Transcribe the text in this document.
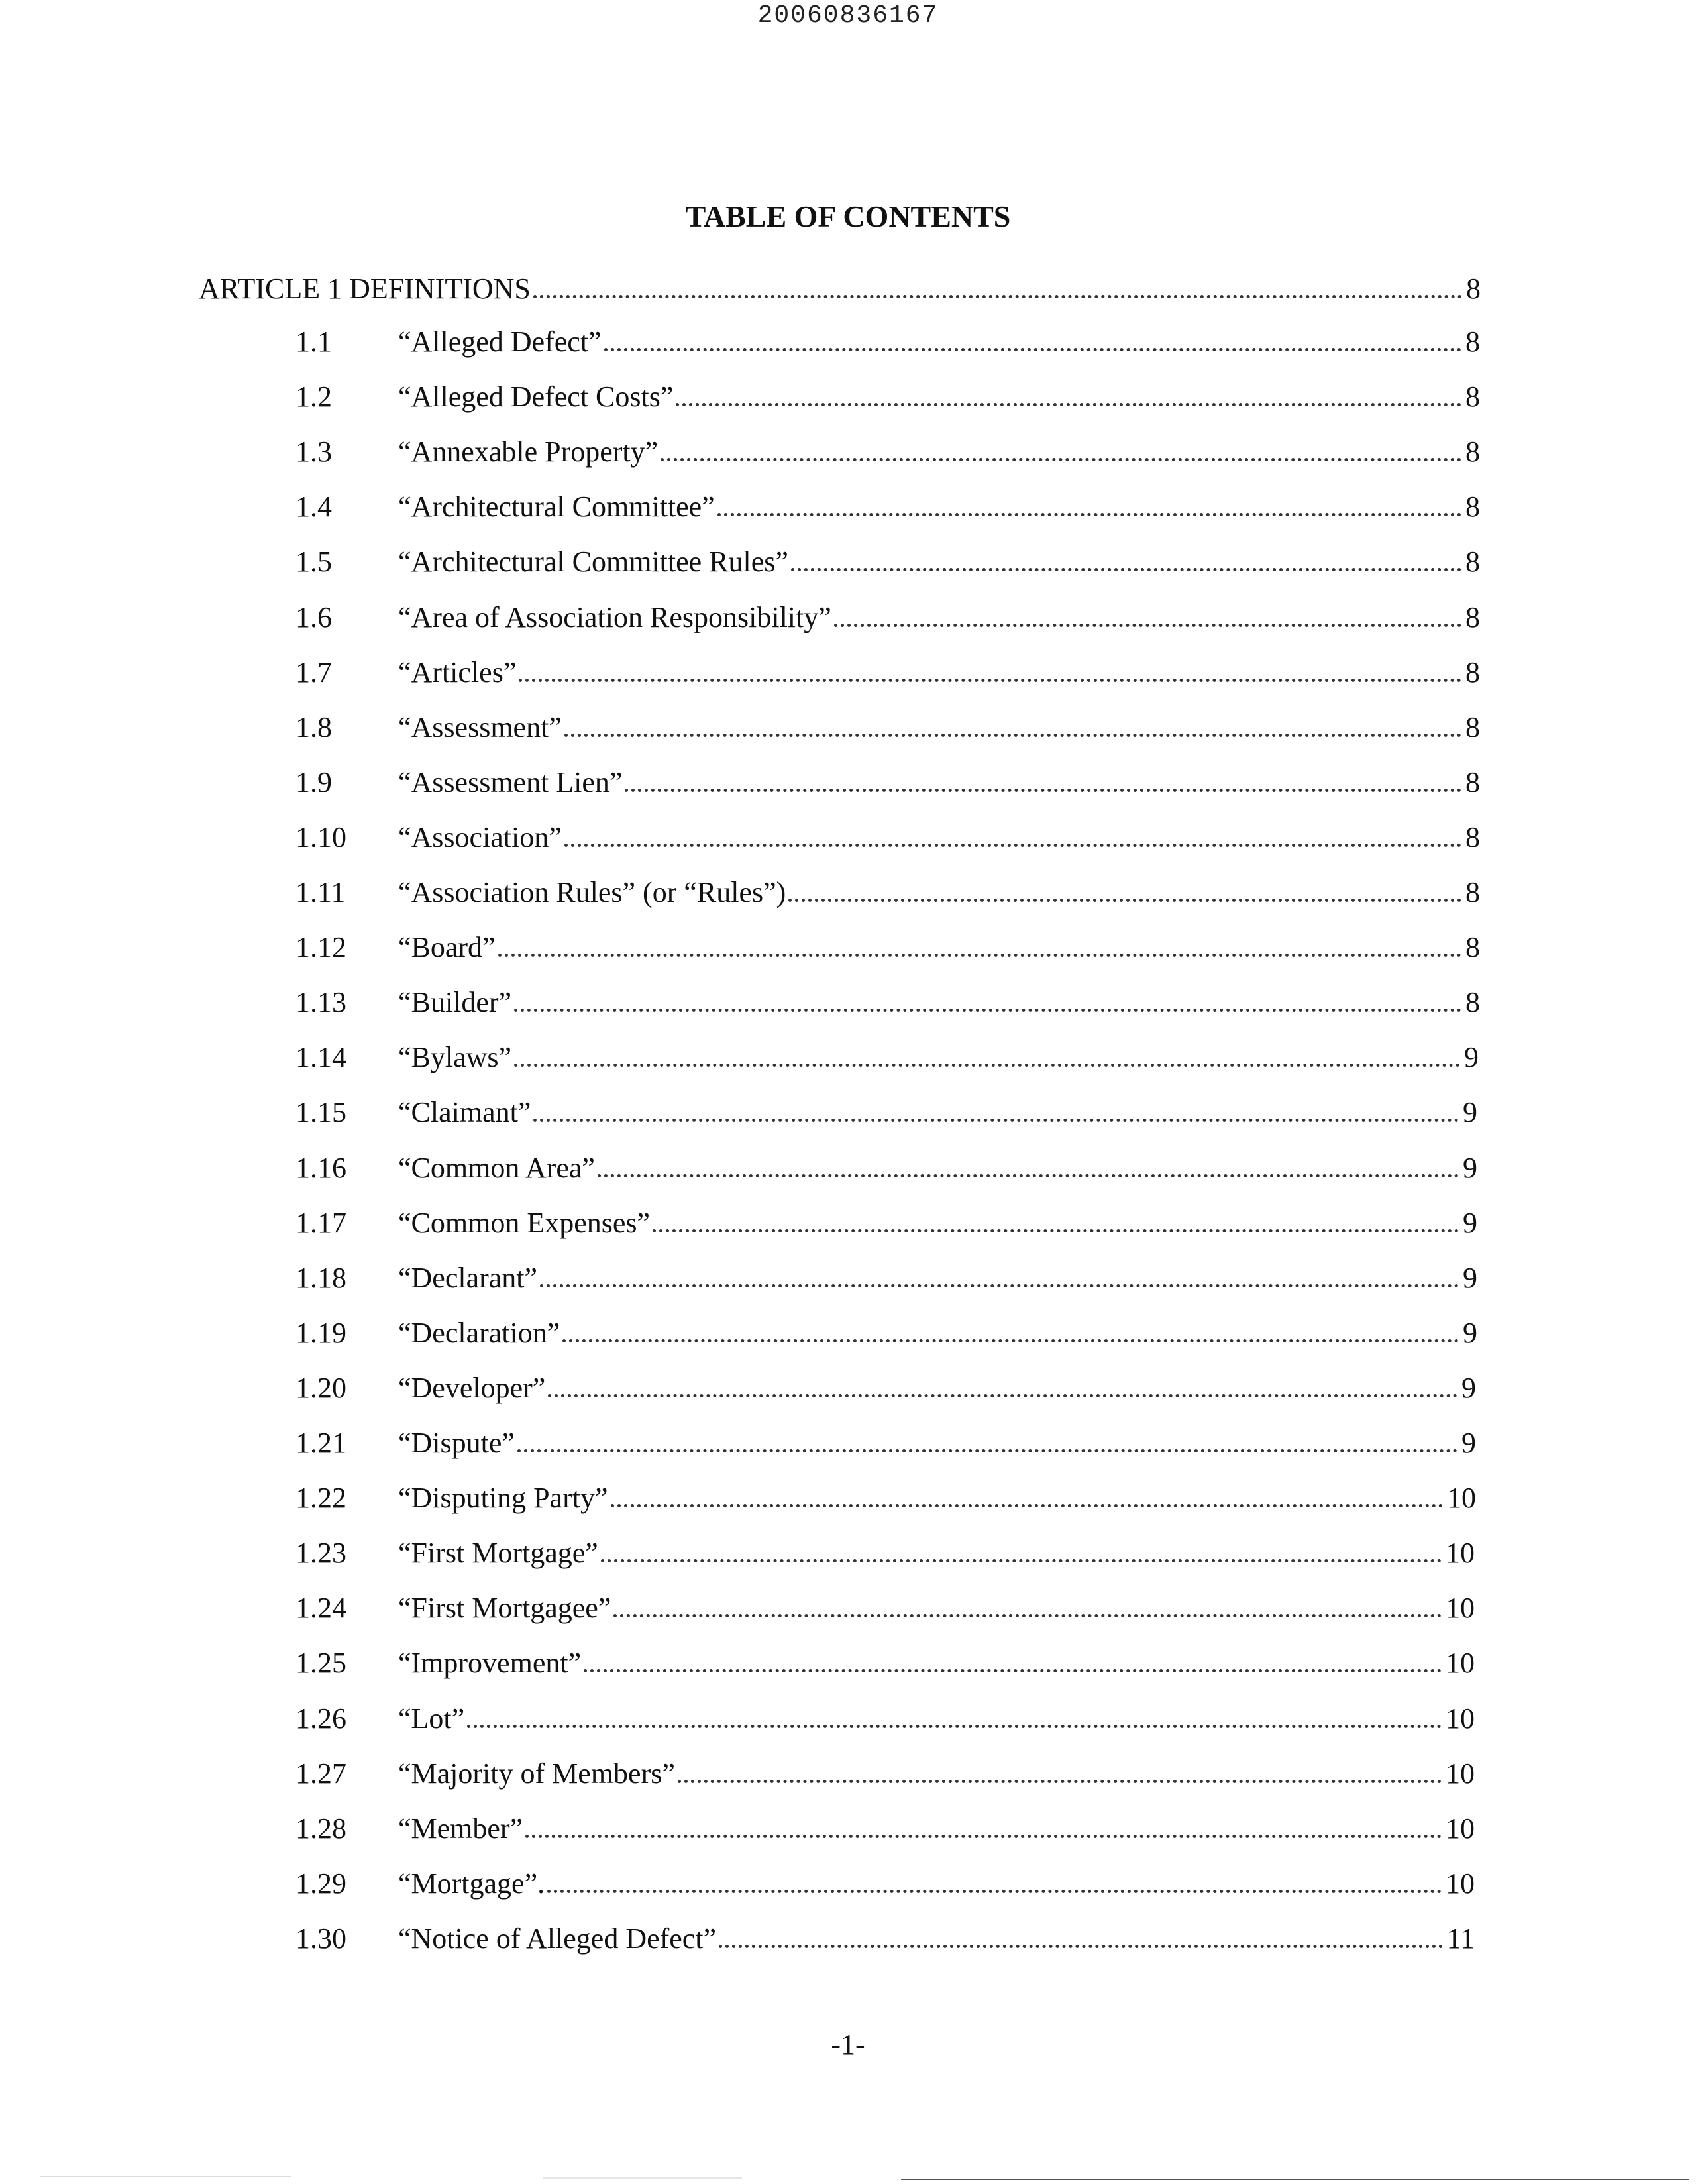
20060836167
TABLE OF CONTENTS
ARTICLE 1 DEFINITIONS	8
1.1	“Alleged Defect”	8
1.2	“Alleged Defect Costs”	8
1.3	“Annexable Property”	8
1.4	“Architectural Committee”	8
1.5	“Architectural Committee Rules”	8
1.6	“Area of Association Responsibility”	8
1.7	“Articles”	8
1.8	“Assessment”	8
1.9	“Assessment Lien”	8
1.10	“Association”	8
1.11	“Association Rules” (or “Rules”)	8
1.12	“Board”	8
1.13	“Builder”	8
1.14	“Bylaws”	9
1.15	“Claimant”	9
1.16	“Common Area”	9
1.17	“Common Expenses”	9
1.18	“Declarant”	9
1.19	“Declaration”	9
1.20	“Developer”	9
1.21	“Dispute”	9
1.22	“Disputing Party”	10
1.23	“First Mortgage”	10
1.24	“First Mortgagee”	10
1.25	“Improvement”	10
1.26	“Lot”	10
1.27	“Majority of Members”	10
1.28	“Member”	10
1.29	“Mortgage”.	10
1.30	“Notice of Alleged Defect”	11
-1-
